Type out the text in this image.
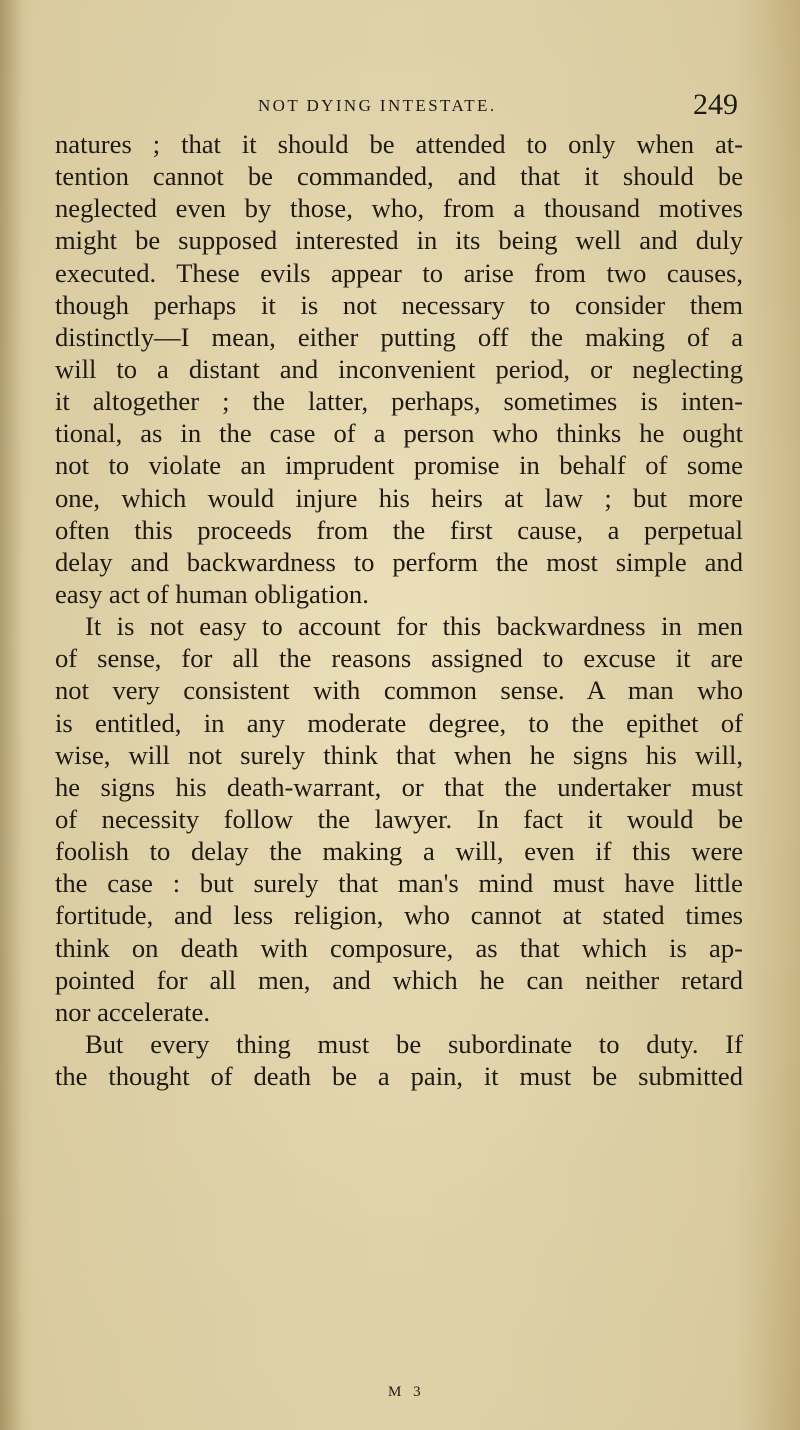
NOT DYING INTESTATE.	249
natures ; that it should be attended to only when at-
tention cannot be commanded, and that it should be
neglected even by those, who, from a thousand motives
might be supposed interested in its being well and duly
executed. These evils appear to arise from two causes,
though perhaps it is not necessary to consider them
distinctly—I mean, either putting off the making of a
will to a distant and inconvenient period, or neglecting
it altogether ; the latter, perhaps, sometimes is inten-
tional, as in the case of a person who thinks he ought
not to violate an imprudent promise in behalf of some
one, which would injure his heirs at law ; but more
often this proceeds from the first cause, a perpetual
delay and backwardness to perform the most simple and
easy act of human obligation.
It is not easy to account for this backwardness in men
of sense, for all the reasons assigned to excuse it are
not very consistent with common sense. A man who
is entitled, in any moderate degree, to the epithet of
wise, will not surely think that when he signs his will,
he signs his death-warrant, or that the undertaker must
of necessity follow the lawyer. In fact it would be
foolish to delay the making a will, even if this were
the case : but surely that man's mind must have little
fortitude, and less religion, who cannot at stated times
think on death with composure, as that which is ap-
pointed for all men, and which he can neither retard
nor accelerate.
But every thing must be subordinate to duty. If
the thought of death be a pain, it must be submitted
M 3
